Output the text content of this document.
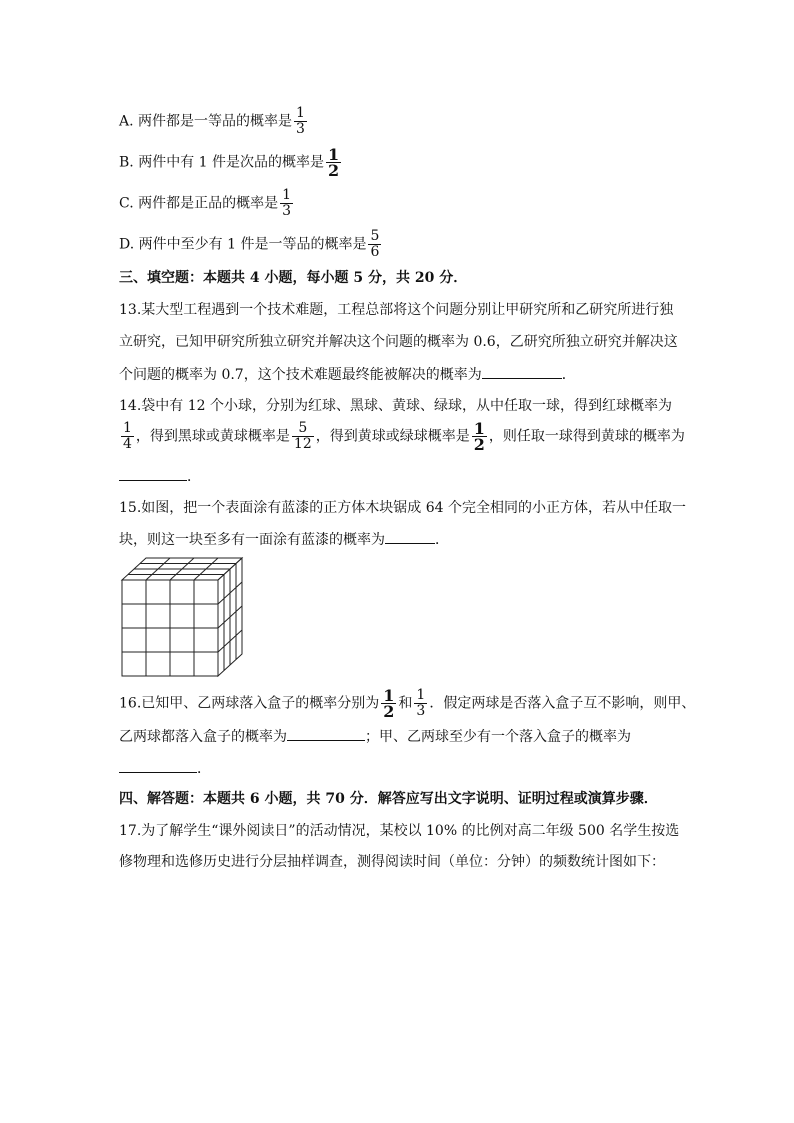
A. 两件都是一等品的概率是 $\frac{1}{3}$
B. 两件中有 1 件是次品的概率是 $\frac{1}{2}$
C. 两件都是正品的概率是 $\frac{1}{3}$
D. 两件中至少有 1 件是一等品的概率是 $\frac{5}{6}$
三、填空题：本题共 4 小题，每小题 5 分，共 20 分．
13.某大型工程遇到一个技术难题，工程总部将这个问题分别让甲研究所和乙研究所进行独
立研究，已知甲研究所独立研究并解决这个问题的概率为 0.6，乙研究所独立研究并解决这
个问题的概率为 0.7，这个技术难题最终能被解决的概率为	．
14.袋中有 12 个小球，分别为红球、黑球、黄球、绿球，从中任取一球，得到红球概率为
$\frac{1}{4}$ ，得到黑球或黄球概率是 $\frac{5}{12}$ ，得到黄球或绿球概率是 $\frac{1}{2}$ ，则任取一球得到黄球的概率为
．
15.如图，把一个表面涂有蓝漆的正方体木块锯成 64 个完全相同的小正方体，若从中任取一
块，则这一块至多有一面涂有蓝漆的概率为	．
16.已知甲、乙两球落入盒子的概率分别为 $\frac{1}{2}$ 和 $\frac{1}{3}$ ．假定两球是否落入盒子互不影响，则甲、
乙两球都落入盒子的概率为	；甲、乙两球至少有一个落入盒子的概率为
．
四、解答题：本题共 6 小题，共 70 分．解答应写出文字说明、证明过程或演算步骤．
17.为了解学生“课外阅读日”的活动情况，某校以 10% 的比例对高二年级 500 名学生按选
修物理和选修历史进行分层抽样调查，测得阅读时间（单位：分钟）的频数统计图如下：
